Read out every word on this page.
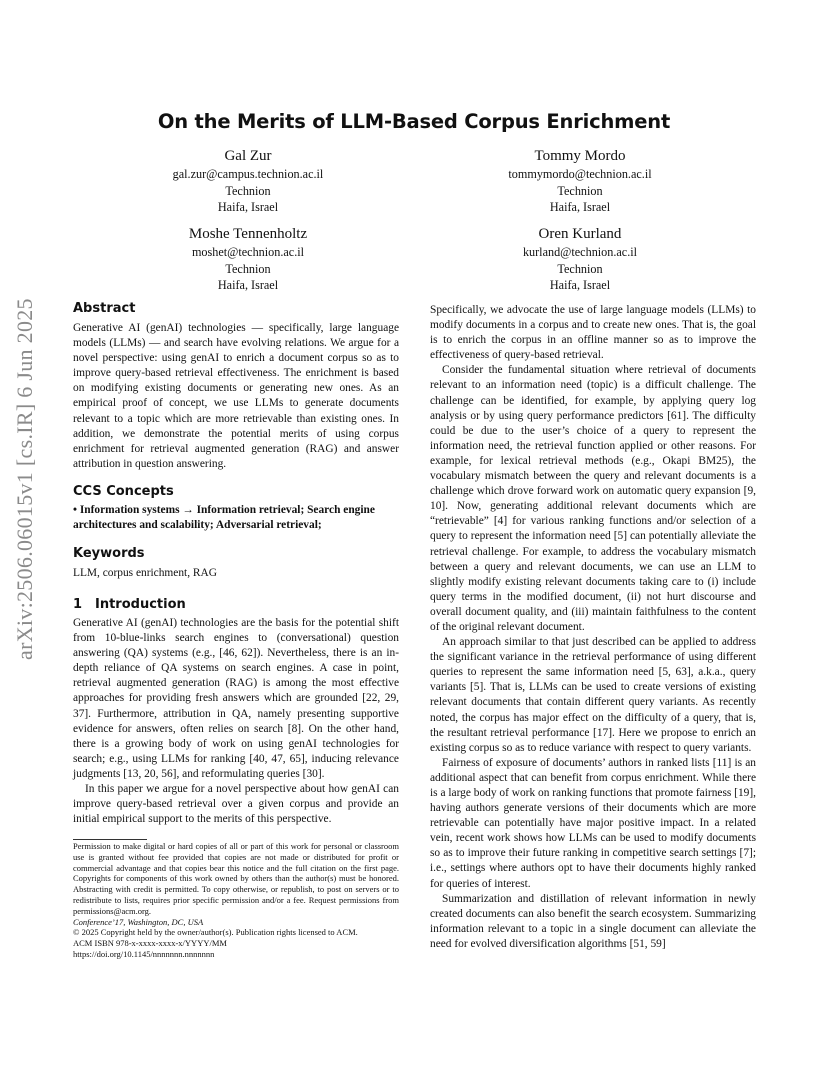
arXiv:2506.06015v1 [cs.IR] 6 Jun 2025
On the Merits of LLM-Based Corpus Enrichment
Gal Zur
gal.zur@campus.technion.ac.il
Technion
Haifa, Israel
Tommy Mordo
tommymordo@technion.ac.il
Technion
Haifa, Israel
Moshe Tennenholtz
moshet@technion.ac.il
Technion
Haifa, Israel
Oren Kurland
kurland@technion.ac.il
Technion
Haifa, Israel
Abstract

Generative AI (genAI) technologies — specifically, large language models (LLMs) — and search have evolving relations. We argue for a novel perspective: using genAI to enrich a document corpus so as to improve query-based retrieval effectiveness. The enrichment is based on modifying existing documents or generating new ones. As an empirical proof of concept, we use LLMs to generate documents relevant to a topic which are more retrievable than existing ones. In addition, we demonstrate the potential merits of using corpus enrichment for retrieval augmented generation (RAG) and answer attribution in question answering.

CCS Concepts
• Information systems → Information retrieval; Search engine architectures and scalability; Adversarial retrieval;
Keywords

LLM, corpus enrichment, RAG

1 Introduction

Generative AI (genAI) technologies are the basis for the potential shift from 10-blue-links search engines to (conversational) question answering (QA) systems (e.g., [46, 62]). Nevertheless, there is an in-depth reliance of QA systems on search engines. A case in point, retrieval augmented generation (RAG) is among the most effective approaches for providing fresh answers which are grounded [22, 29, 37]. Furthermore, attribution in QA, namely presenting supportive evidence for answers, often relies on search [8]. On the other hand, there is a growing body of work on using genAI technologies for search; e.g., using LLMs for ranking [40, 47, 65], inducing relevance judgments [13, 20, 56], and reformulating queries [30].

In this paper we argue for a novel perspective about how genAI can improve query-based retrieval over a given corpus and provide an initial empirical support to the merits of this perspective.

Permission to make digital or hard copies of all or part of this work for personal or classroom use is granted without fee provided that copies are not made or distributed for profit or commercial advantage and that copies bear this notice and the full citation on the first page. Copyrights for components of this work owned by others than the author(s) must be honored. Abstracting with credit is permitted. To copy otherwise, or republish, to post on servers or to redistribute to lists, requires prior specific permission and/or a fee. Request permissions from permissions@acm.org.

Conference’17, Washington, DC, USA

© 2025 Copyright held by the owner/author(s). Publication rights licensed to ACM.

ACM ISBN 978-x-xxxx-xxxx-x/YYYY/MM

https://doi.org/10.1145/nnnnnnn.nnnnnnn

Specifically, we advocate the use of large language models (LLMs) to modify documents in a corpus and to create new ones. That is, the goal is to enrich the corpus in an offline manner so as to improve the effectiveness of query-based retrieval.

Consider the fundamental situation where retrieval of documents relevant to an information need (topic) is a difficult challenge. The challenge can be identified, for example, by applying query log analysis or by using query performance predictors [61]. The difficulty could be due to the user’s choice of a query to represent the information need, the retrieval function applied or other reasons. For example, for lexical retrieval methods (e.g., Okapi BM25), the vocabulary mismatch between the query and relevant documents is a challenge which drove forward work on automatic query expansion [9, 10]. Now, generating additional relevant documents which are “retrievable” [4] for various ranking functions and/or selection of a query to represent the information need [5] can potentially alleviate the retrieval challenge. For example, to address the vocabulary mismatch between a query and relevant documents, we can use an LLM to slightly modify existing relevant documents taking care to (i) include query terms in the modified document, (ii) not hurt discourse and overall document quality, and (iii) maintain faithfulness to the content of the original relevant document.

An approach similar to that just described can be applied to address the significant variance in the retrieval performance of using different queries to represent the same information need [5, 63], a.k.a., query variants [5]. That is, LLMs can be used to create versions of existing relevant documents that contain different query variants. As recently noted, the corpus has major effect on the difficulty of a query, that is, the resultant retrieval performance [17]. Here we propose to enrich an existing corpus so as to reduce variance with respect to query variants.

Fairness of exposure of documents’ authors in ranked lists [11] is an additional aspect that can benefit from corpus enrichment. While there is a large body of work on ranking functions that promote fairness [19], having authors generate versions of their documents which are more retrievable can potentially have major positive impact. In a related vein, recent work shows how LLMs can be used to modify documents so as to improve their future ranking in competitive search settings [7]; i.e., settings where authors opt to have their documents highly ranked for queries of interest.

Summarization and distillation of relevant information in newly created documents can also benefit the search ecosystem. Summarizing information relevant to a topic in a single document can alleviate the need for evolved diversification algorithms [51, 59]
